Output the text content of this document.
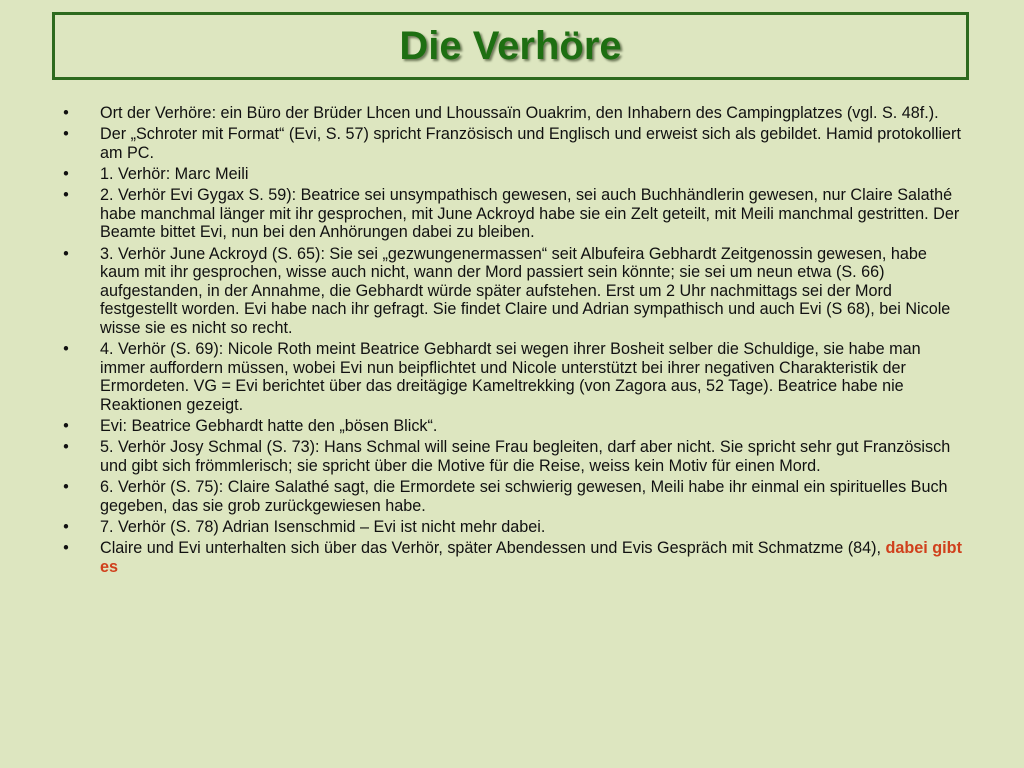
Die Verhöre
• Ort der Verhöre: ein Büro der Brüder Lhcen und Lhoussaïn Ouakrim, den Inhabern des Campingplatzes (vgl. S. 48f.).
• Der „Schroter mit Format“ (Evi, S. 57) spricht Französisch und Englisch und erweist sich als gebildet. Hamid protokolliert am PC.
• 1. Verhör: Marc Meili
• 2. Verhör Evi Gygax S. 59): Beatrice sei unsympathisch gewesen, sei auch Buchhändlerin gewesen, nur Claire Salathé habe manchmal länger mit ihr gesprochen, mit June Ackroyd habe sie ein Zelt geteilt, mit Meili manchmal gestritten. Der Beamte bittet Evi, nun bei den Anhörungen dabei zu bleiben.
• 3. Verhör June Ackroyd (S. 65): Sie sei „gezwungenermassen“ seit Albufeira Gebhardt Zeitgenossin gewesen, habe kaum mit ihr gesprochen, wisse auch nicht, wann der Mord passiert sein könnte; sie sei um neun etwa (S. 66) aufgestanden, in der Annahme, die Gebhardt würde später aufstehen. Erst um 2 Uhr nachmittags sei der Mord festgestellt worden. Evi habe nach ihr gefragt. Sie findet Claire und Adrian sympathisch und auch Evi (S 68), bei Nicole wisse sie es nicht so recht.
• 4. Verhör (S. 69): Nicole Roth meint Beatrice Gebhardt sei wegen ihrer Bosheit selber die Schuldige, sie habe man immer auffordern müssen, wobei Evi nun beipflichtet und Nicole unterstützt bei ihrer negativen Charakteristik der Ermordeten. VG = Evi berichtet über das dreitägige Kameltrekking (von Zagora aus, 52 Tage). Beatrice habe nie Reaktionen gezeigt.
• Evi: Beatrice Gebhardt hatte den „bösen Blick“.
• 5. Verhör Josy Schmal (S. 73): Hans Schmal will seine Frau begleiten, darf aber nicht. Sie spricht sehr gut Französisch und gibt sich frömmlerisch; sie spricht über die Motive für die Reise, weiss kein Motiv für einen Mord.
• 6. Verhör (S. 75): Claire Salathé sagt, die Ermordete sei schwierig gewesen, Meili habe ihr einmal ein spirituelles Buch gegeben, das sie grob zurückgewiesen habe.
• 7. Verhör (S. 78) Adrian Isenschmid – Evi ist nicht mehr dabei.
• Claire und Evi unterhalten sich über das Verhör, später Abendessen und Evis Gespräch mit Schmatzme (84), dabei gibt es
